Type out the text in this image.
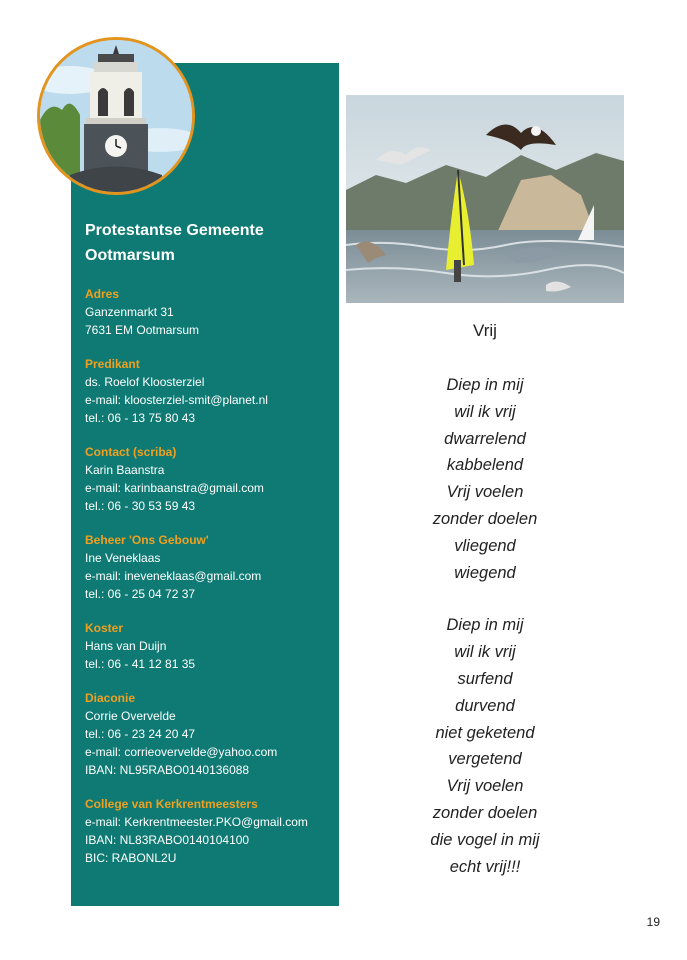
Protestantse Gemeente
Ootmarsum
Adres
Ganzenmarkt 31
7631 EM Ootmarsum
Predikant
ds. Roelof Kloosterziel
e-mail: kloosterziel-smit@planet.nl
tel.: 06 - 13 75 80 43
Contact (scriba)
Karin Baanstra
e-mail: karinbaanstra@gmail.com
tel.: 06 - 30 53 59 43
Beheer 'Ons Gebouw'
Ine Veneklaas
e-mail: ineveneklaas@gmail.com
tel.: 06 - 25 04 72 37
Koster
Hans van Duijn
tel.: 06 - 41 12 81 35
Diaconie
Corrie Overvelde
tel.: 06 - 23 24 20 47
e-mail: corrieovervelde@yahoo.com
IBAN: NL95RABO0140136088
College van Kerkrentmeesters
e-mail: Kerkrentmeester.PKO@gmail.com
IBAN: NL83RABO0140104100
BIC: RABONL2U
Vrij
Diep in mij
wil ik vrij
dwarrelend
kabbelend
Vrij voelen
zonder doelen
vliegend
wiegend
Diep in mij
wil ik vrij
surfend
durvend
niet geketend
vergetend
Vrij voelen
zonder doelen
die vogel in mij
echt vrij!!!
19
